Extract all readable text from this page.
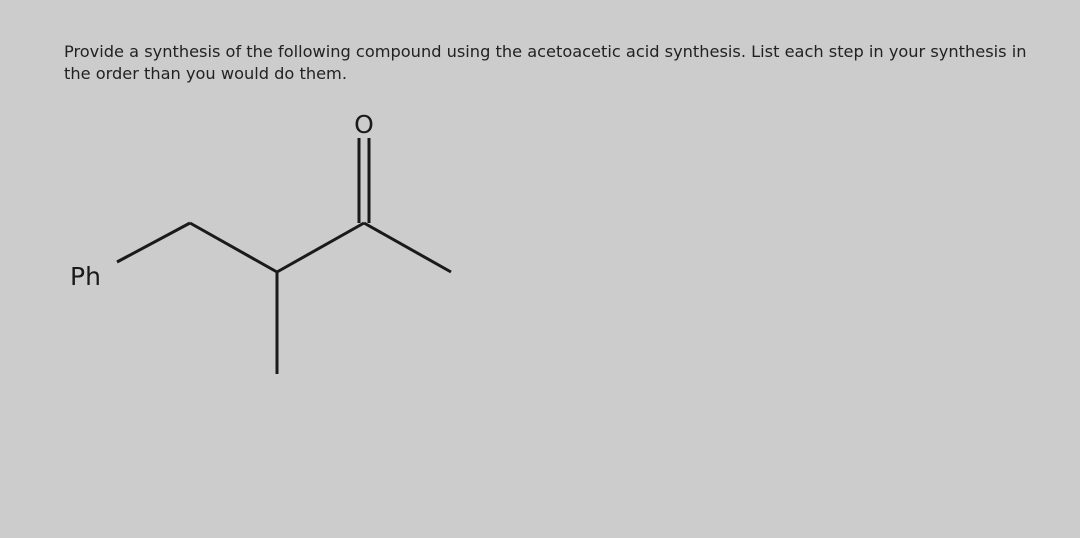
Provide a synthesis of the following compound using the acetoacetic acid synthesis. List each step in your synthesis in the order than you would do them.

O
Ph
